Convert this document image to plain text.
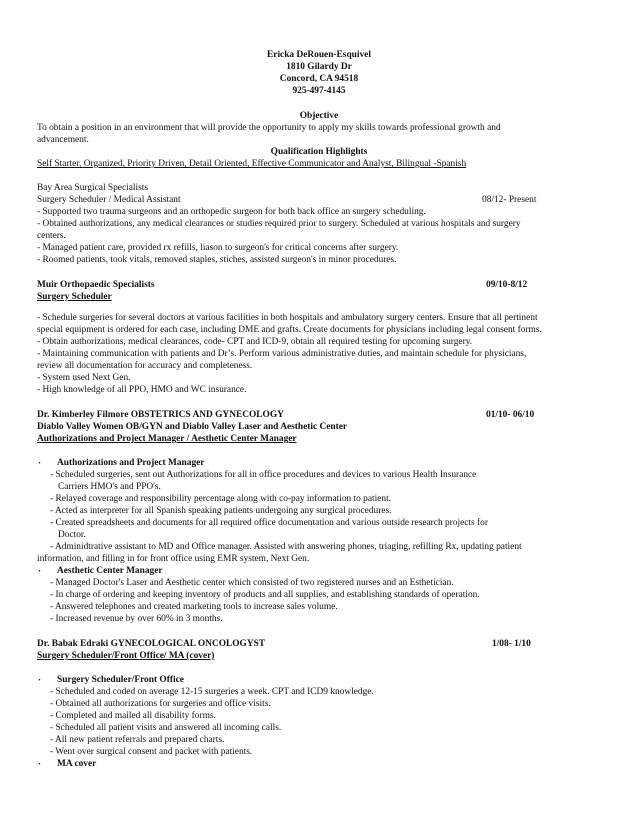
Ericka DeRouen-Esquivel
1810 Gilardy Dr
Concord, CA 94518
925-497-4145
Objective
To obtain a position in an environment that will provide the opportunity to apply my skills towards professional growth and
advancement.
Qualification Highlights
Self Starter, Organized, Priority Driven, Detail Oriented, Effective Communicator and Analyst, Bilingual -Spanish
Bay Area Surgical Specialists
Surgery Scheduler / Medical Assistant	08/12- Present
- Supported two trauma surgeons and an orthopedic surgeon for both back office an surgery scheduling.
- Obtained authorizations, any medical clearances or studies required prior to surgery. Scheduled at various hospitals and surgery
centers.
- Managed patient care, provided rx refills, liason to surgeon's for critical concerns after surgery.
- Roomed patients, took vitals, removed staples, stiches, assisted surgeon's in minor procedures.
Muir Orthopaedic Specialists	09/10-8/12
Surgery Scheduler
- Schedule surgeries for several doctors at various facilities in both hospitals and ambulatory surgery centers. Ensure that all pertinent
special equipment is ordered for each case, including DME and grafts. Create documents for physicians including legal consent forms.
- Obtain authorizations, medical clearances, code- CPT and ICD-9, obtain all required testing for upcoming surgery.
- Maintaining communication with patients and Dr’s. Perform various administrative duties, and maintain schedule for physicians,
review all documentation for accuracy and completeness.
- System used Next Gen.
- High knowledge of all PPO, HMO and WC insurance.
Dr. Kimberley Filmore OBSTETRICS AND GYNECOLOGY	01/10- 06/10
Diablo Valley Women OB/GYN and Diablo Valley Laser and Aesthetic Center
Authorizations and Project Manager / Aesthetic Center Manager
· Authorizations and Project Manager
- Scheduled surgeries, sent out Authorizations for all in office procedures and devices to various Health Insurance
Carriers HMO's and PPO's.
- Relayed coverage and responsibility percentage along with co-pay information to patient.
- Acted as interpreter for all Spanish speaking patients undergoing any surgical procedures.
- Created spreadsheets and documents for all required office documentation and various outside research projects for
Doctor.
- Adminidtrative assistant to MD and Office manager. Assisted with answering phones, triaging, refilling Rx, updating patient
information, and filling in for front office using EMR system, Next Gen.
· Aesthetic Center Manager
- Managed Doctor's Laser and Aesthetic center which consisted of two registered nurses and an Esthetician.
- In charge of ordering and keeping inventory of products and all supplies, and establishing standards of operation.
- Answered telephones and created marketing tools to increase sales volume.
- Increased revenue by over 60% in 3 months.
Dr. Babak Edraki GYNECOLOGICAL ONCOLOGYST	1/08- 1/10
Surgery Scheduler/Front Office/ MA (cover)
· Surgery Scheduler/Front Office
- Scheduled and coded on average 12-15 surgeries a week. CPT and ICD9 knowledge.
- Obtained all authorizations for surgeries and office visits.
- Completed and mailed all disability forms.
- Scheduled all patient visits and answered all incoming calls.
- All new patient referrals and prepared charts.
- Went over surgical consent and packet with patients.
· MA cover
